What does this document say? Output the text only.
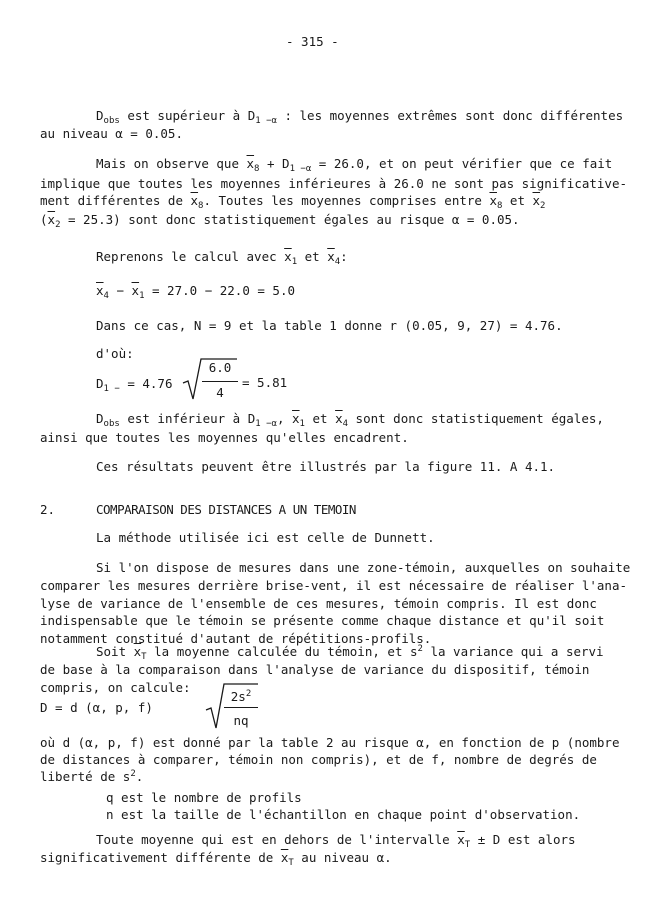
- 315 -
$D_{obs}$ est supérieur à $D_{1 -\alpha}$ : les moyennes extrêmes sont donc différentes
au niveau α = 0.05.
Mais on observe que $\overline{x}_8 + D_{1 -\alpha} = 26.0$, et on peut vérifier que ce fait
implique que toutes les moyennes inférieures à 26.0 ne sont pas significative-
ment différentes de $\overline{x}_8$. Toutes les moyennes comprises entre $\overline{x}_8$ et $\overline{x}_2$
$(\overline{x}_2 = 25.3)$ sont donc statistiquement égales au risque α = 0.05.
Reprenons le calcul avec $\overline{x}_1$ et $\overline{x}_4$:
$\overline{x}_4 - \overline{x}_1 = 27.0 - 22.0 = 5.0$
Dans ce cas, N = 9 et la table 1 donne r (0.05, 9, 27) = 4.76.
d'où:
$D_{1 -} = 4.76$
6.0
4
= 5.81
$D_{obs}$ est inférieur à $D_{1 -\alpha}$, $\overline{x}_1$ et $\overline{x}_4$ sont donc statistiquement égales,
ainsi que toutes les moyennes qu'elles encadrent.
Ces résultats peuvent être illustrés par la figure 11. A 4.1.
2.	COMPARAISON DES DISTANCES A UN TEMOIN
La méthode utilisée ici est celle de Dunnett.
Si l'on dispose de mesures dans une zone-témoin, auxquelles on souhaite
comparer les mesures derrière brise-vent, il est nécessaire de réaliser l'ana-
lyse de variance de l'ensemble de ces mesures, témoin compris. Il est donc
indispensable que le témoin se présente comme chaque distance et qu'il soit
notamment constitué d'autant de répétitions-profils.
Soit $\overline{x}_T$ la moyenne calculée du témoin, et $s^2$ la variance qui a servi
de base à la comparaison dans l'analyse de variance du dispositif, témoin
compris, on calcule:
D = d (α, p, f)
$2s^2$
nq
où d (α, p, f) est donné par la table 2 au risque α, en fonction de p (nombre
de distances à comparer, témoin non compris), et de f, nombre de degrés de
liberté de $s^2$.
q est le nombre de profils
n est la taille de l'échantillon en chaque point d'observation.
Toute moyenne qui est en dehors de l'intervalle $\overline{x}_T \pm D$ est alors
significativement différente de $\overline{x}_T$ au niveau α.
